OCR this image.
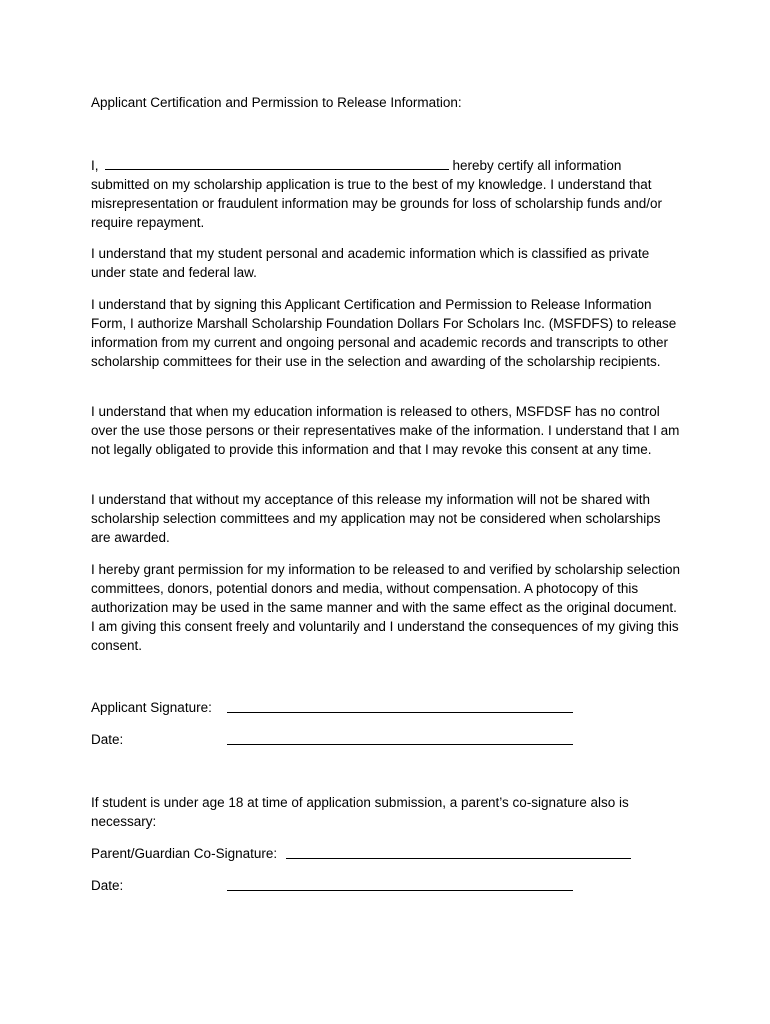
Applicant Certification and Permission to Release Information:

I,	hereby certify all information submitted on my scholarship application is true to the best of my knowledge. I understand that misrepresentation or fraudulent information may be grounds for loss of scholarship funds and/or require repayment.

I understand that my student personal and academic information which is classified as private under state and federal law.

I understand that by signing this Applicant Certification and Permission to Release Information Form, I authorize Marshall Scholarship Foundation Dollars For Scholars Inc. (MSFDFS) to release information from my current and ongoing personal and academic records and transcripts to other scholarship committees for their use in the selection and awarding of the scholarship recipients.

I understand that when my education information is released to others, MSFDSF has no control over the use those persons or their representatives make of the information. I understand that I am not legally obligated to provide this information and that I may revoke this consent at any time.

I understand that without my acceptance of this release my information will not be shared with scholarship selection committees and my application may not be considered when scholarships are awarded.

I hereby grant permission for my information to be released to and verified by scholarship selection committees, donors, potential donors and media, without compensation. A photocopy of this authorization may be used in the same manner and with the same effect as the original document. I am giving this consent freely and voluntarily and I understand the consequences of my giving this consent.

Applicant Signature:
Date:

If student is under age 18 at time of application submission, a parent’s co-signature also is necessary:

Parent/Guardian Co-Signature:
Date:
